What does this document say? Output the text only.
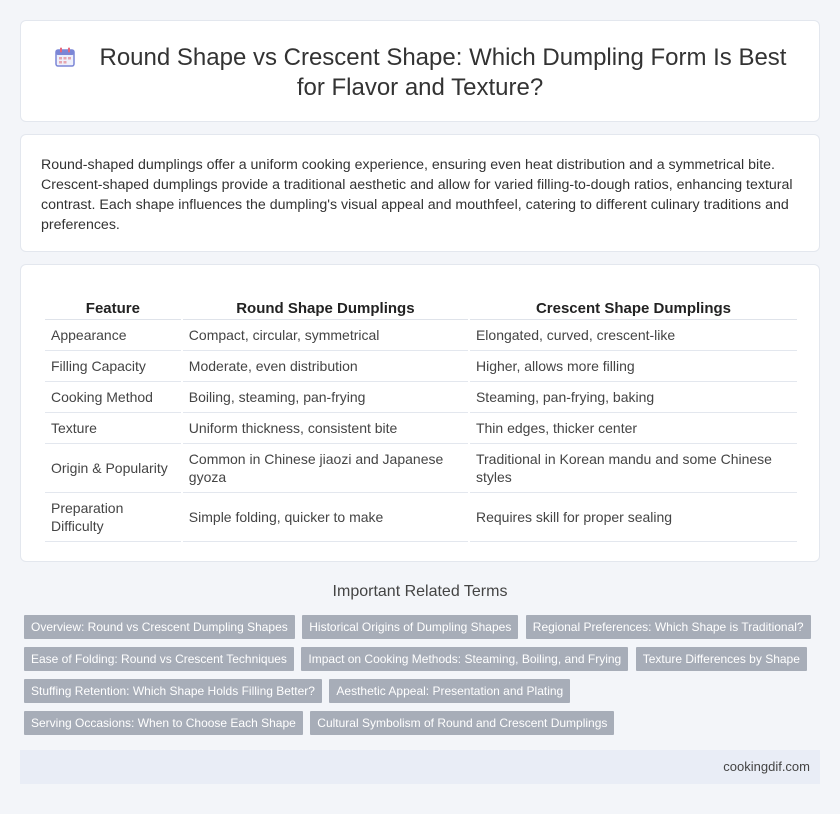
Round Shape vs Crescent Shape: Which Dumpling Form Is Best for Flavor and Texture?
Round-shaped dumplings offer a uniform cooking experience, ensuring even heat distribution and a symmetrical bite. Crescent-shaped dumplings provide a traditional aesthetic and allow for varied filling-to-dough ratios, enhancing textural contrast. Each shape influences the dumpling's visual appeal and mouthfeel, catering to different culinary traditions and preferences.
Feature	Round Shape Dumplings	Crescent Shape Dumplings
Appearance	Compact, circular, symmetrical	Elongated, curved, crescent-like
Filling Capacity	Moderate, even distribution	Higher, allows more filling
Cooking Method	Boiling, steaming, pan-frying	Steaming, pan-frying, baking
Texture	Uniform thickness, consistent bite	Thin edges, thicker center
Origin & Popularity	Common in Chinese jiaozi and Japanese gyoza	Traditional in Korean mandu and some Chinese styles
Preparation Difficulty	Simple folding, quicker to make	Requires skill for proper sealing
Important Related Terms
Overview: Round vs Crescent Dumpling Shapes Historical Origins of Dumpling Shapes Regional Preferences: Which Shape is Traditional? Ease of Folding: Round vs Crescent Techniques Impact on Cooking Methods: Steaming, Boiling, and Frying Texture Differences by Shape Stuffing Retention: Which Shape Holds Filling Better? Aesthetic Appeal: Presentation and Plating Serving Occasions: When to Choose Each Shape Cultural Symbolism of Round and Crescent Dumplings
cookingdif.com
